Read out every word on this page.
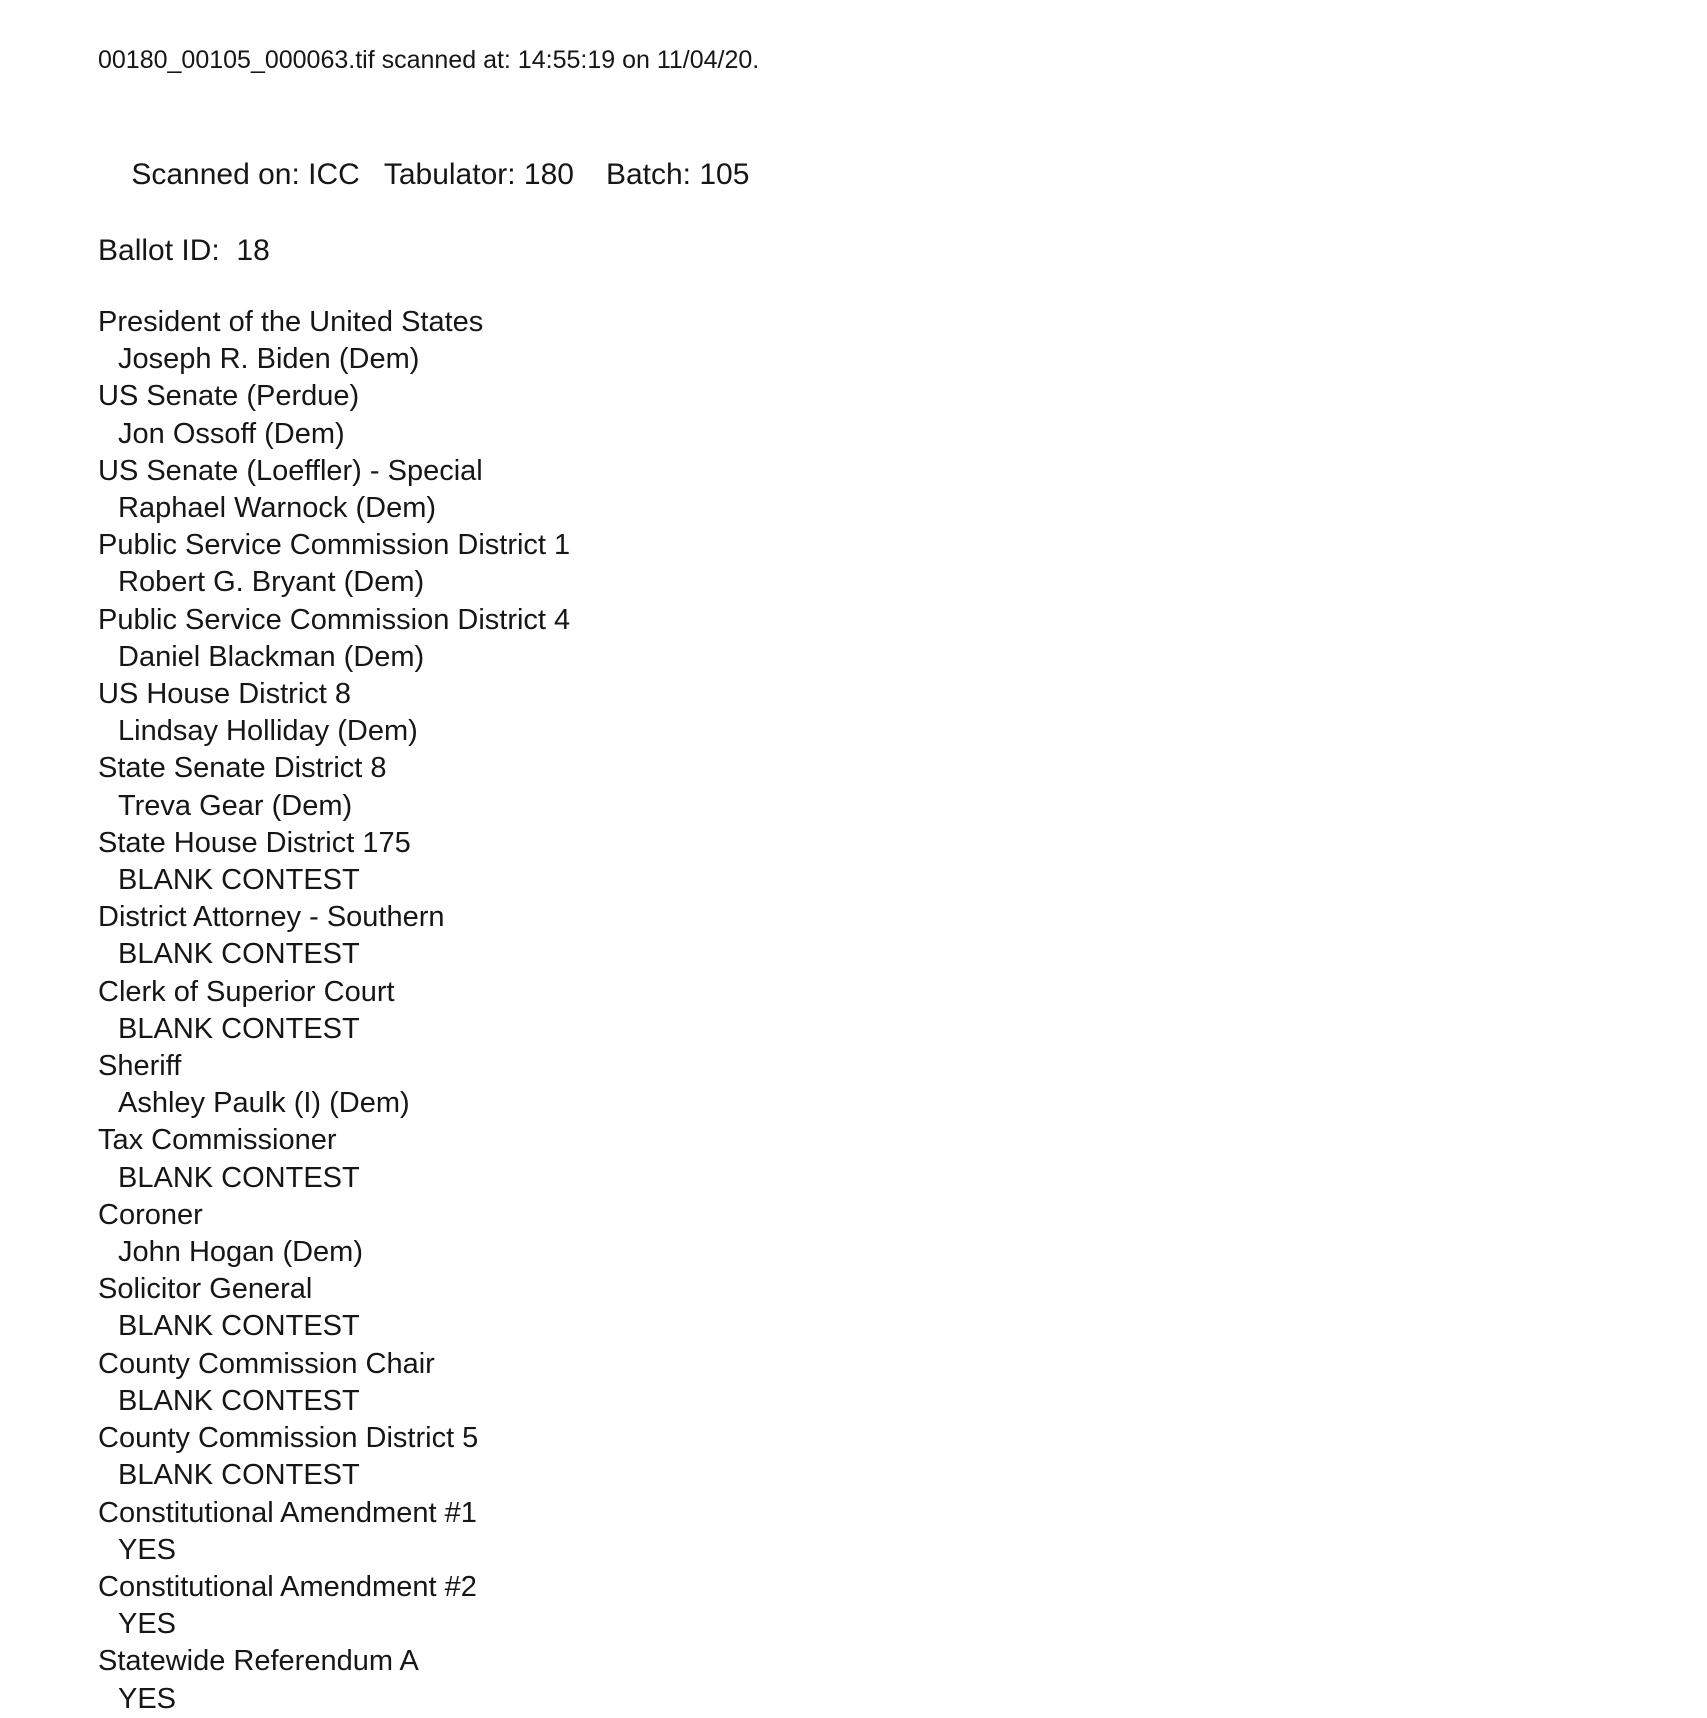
00180_00105_000063.tif scanned at: 14:55:19 on 11/04/20.

Scanned on: ICC Tabulator: 180 Batch: 105

Ballot ID:  18
President of the United States
Joseph R. Biden (Dem)
US Senate (Perdue)
Jon Ossoff (Dem)
US Senate (Loeffler) - Special
Raphael Warnock (Dem)
Public Service Commission District 1
Robert G. Bryant (Dem)
Public Service Commission District 4
Daniel Blackman (Dem)
US House District 8
Lindsay Holliday (Dem)
State Senate District 8
Treva Gear (Dem)
State House District 175
BLANK CONTEST
District Attorney - Southern
BLANK CONTEST
Clerk of Superior Court
BLANK CONTEST
Sheriff
Ashley Paulk (I) (Dem)
Tax Commissioner
BLANK CONTEST
Coroner
John Hogan (Dem)
Solicitor General
BLANK CONTEST
County Commission Chair
BLANK CONTEST
County Commission District 5
BLANK CONTEST
Constitutional Amendment #1
YES
Constitutional Amendment #2
YES
Statewide Referendum A
YES
